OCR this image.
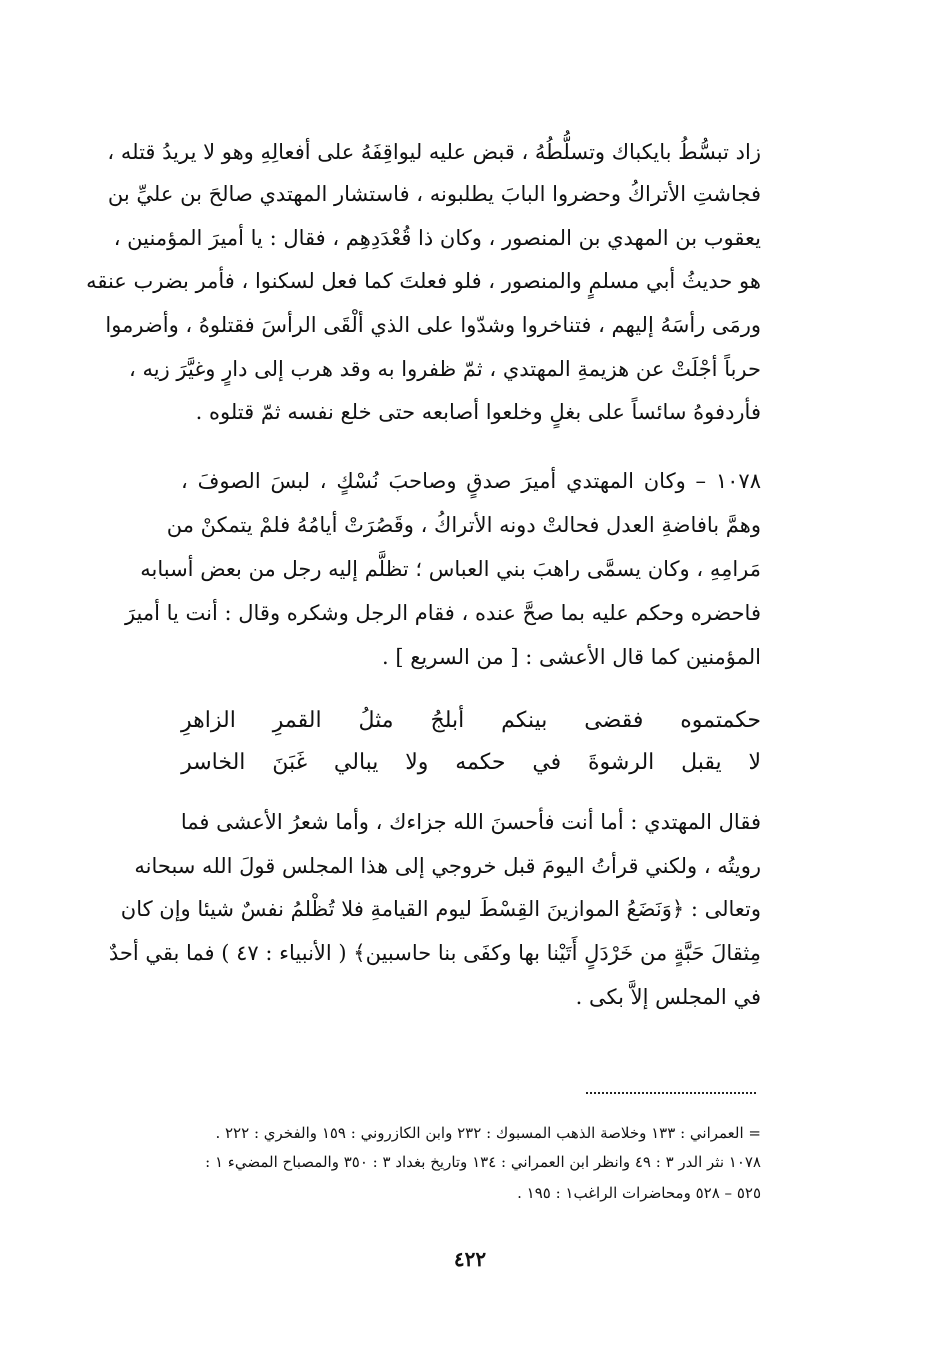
زاد تبسُّطُ بايكباك وتسلُّطُهُ ، قبض عليه ليواقِفَهُ على أفعالِهِ وهو لا يريدُ قتله ،
فجاشتِ الأتراكُ وحضروا البابَ يطلبونه ، فاستشار المهتدي صالحَ بن عليِّ بن
يعقوب بن المهدي بن المنصور ، وكان ذا قُعْدَدِهِم ، فقال : يا أميرَ المؤمنين ،
هو حديثُ أبي مسلمٍ والمنصور ، فلو فعلتَ كما فعل لسكنوا ، فأمر بضرب عنقه
ورمَى رأسَهُ إليهم ، فتناخروا وشدّوا على الذي ألْقَى الرأسَ فقتلوهُ ، وأضرموا
حرباً أجْلَتْ عن هزيمةِ المهتدي ، ثمّ ظفروا به وقد هرب إلى دارٍ وغيَّرَ زيه ،
فأردفوهُ سائساً على بغلٍ وخلعوا أصابعه حتى خلع نفسه ثمّ قتلوه .
١٠٧٨ – وكان المهتدي أميرَ صدقٍ وصاحبَ نُسْكٍ ، لبسَ الصوفَ ،
وهمَّ بافاضةِ العدل فحالتْ دونه الأتراكُ ، وقَصُرَتْ أيامُهُ فلمْ يتمكنْ من
مَرامِهِ ، وكان يسمَّى راهبَ بني العباس ؛ تظلَّم إليه رجل من بعض أسبابه
فاحضره وحكم عليه بما صحَّ عنده ، فقام الرجل وشكره وقال : أنت يا أميرَ
المؤمنين كما قال الأعشى : [ من السريع ] .
حكمتموه
فقضى
بينكم
أبلجُ
مثلُ
القمرِ
الزاهرِ
لا
يقبل
الرشوةَ
في
حكمه
ولا
يبالي
غَبَنَ
الخاسر
فقال المهتدي : أما أنت فأحسنَ الله جزاءك ، وأما شعرُ الأعشى فما
رويتُه ، ولكني قرأتُ اليومَ قبل خروجي إلى هذا المجلس قولَ الله سبحانه
وتعالى : ﴿وَنَضَعُ الموازينَ القِسْطَ ليوم القيامةِ فلا تُظْلمُ نفسٌ شيئا وإن كان
مِثقالَ حَبَّةٍ من خَرْدَلٍ أَتَيْنا بها وكفَى بنا حاسبين﴾ ( الأنبياء : ٤٧ ) فما بقي أحدٌ
في المجلس إلاَّ بكى .
= العمراني : ١٣٣ وخلاصة الذهب المسبوك : ٢٣٢ وابن الكازروني : ١٥٩ والفخري : ٢٢٢ .
١٠٧٨ نثر الدر ٣ : ٤٩ وانظر ابن العمراني : ١٣٤ وتاريخ بغداد ٣ : ٣٥٠ والمصباح المضيء ١ :
٥٢٥ – ٥٢٨ ومحاضرات الراغب١ : ١٩٥ .
٤٢٢
